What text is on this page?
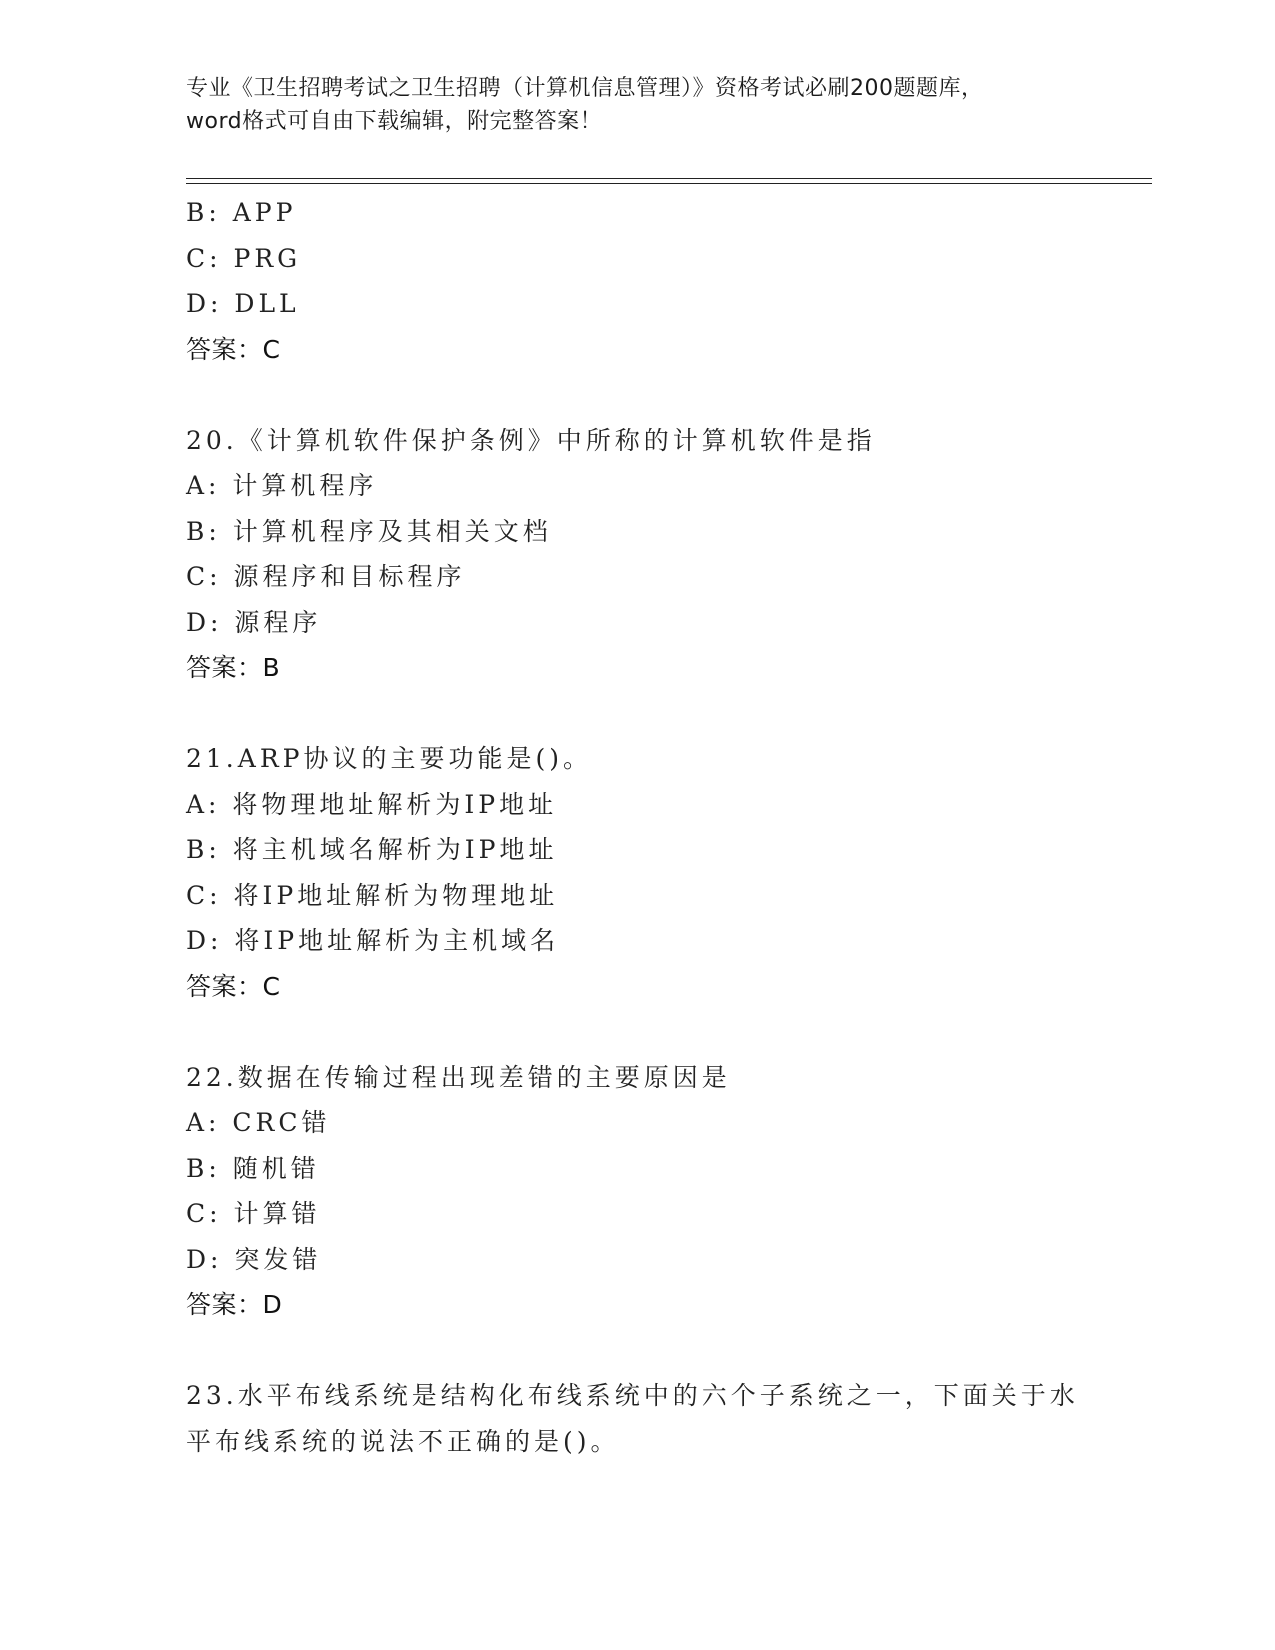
专业《卫生招聘考试之卫生招聘（计算机信息管理）》资格考试必刷200题题库，
word格式可自由下载编辑，附完整答案！
B: APP
C: PRG
D: DLL
答案：C
20.《计算机软件保护条例》中所称的计算机软件是指
A: 计算机程序
B: 计算机程序及其相关文档
C: 源程序和目标程序
D: 源程序
答案：B
21.ARP协议的主要功能是()。
A: 将物理地址解析为IP地址
B: 将主机域名解析为IP地址
C: 将IP地址解析为物理地址
D: 将IP地址解析为主机域名
答案：C
22.数据在传输过程出现差错的主要原因是
A: CRC错
B: 随机错
C: 计算错
D: 突发错
答案：D
23.水平布线系统是结构化布线系统中的六个子系统之一，下面关于水
平布线系统的说法不正确的是()。
